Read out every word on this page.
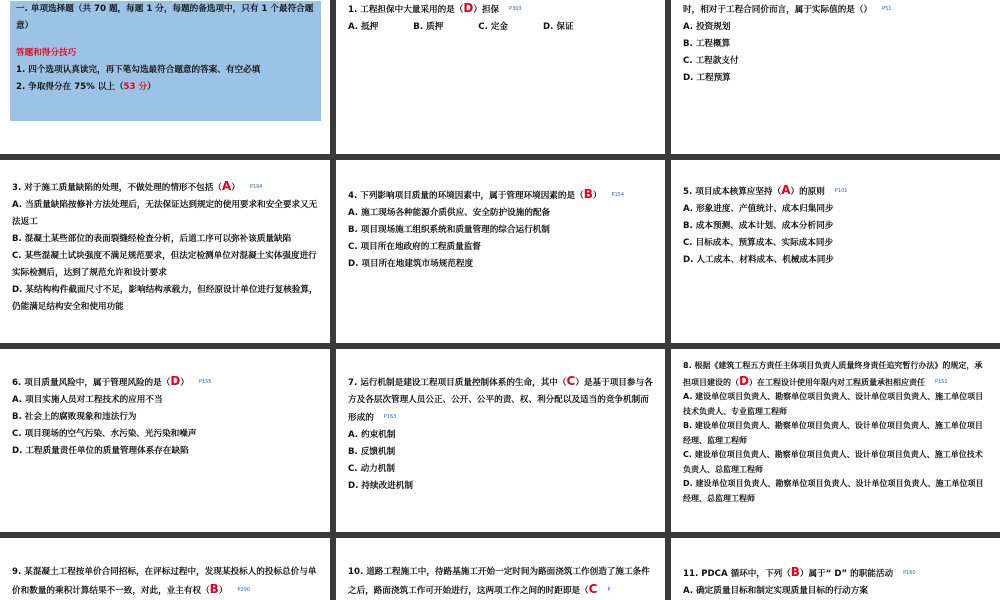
一. 单项选择题（共 70 题，每题 1 分，每题的备选项中，只有 1 个最符合题意）
答题和得分技巧
1. 四个选项认真读完，再下笔勾选最符合题意的答案、有空必填
2. 争取得分在 75% 以上（53 分）
1. 工程担保中大量采用的是（D）担保 P303
A. 抵押	B. 质押	C. 定金	D. 保证
时，相对于工程合同价而言，属于实际值的是（） P51
A. 投资规划
B. 工程概算
C. 工程款支付
D. 工程预算
3. 对于施工质量缺陷的处理，不做处理的情形不包括（A） P194
A. 当质量缺陷按修补方法处理后，无法保证达到规定的使用要求和安全要求又无法返工
B. 混凝土某些部位的表面裂缝经检查分析，后道工序可以弥补该质量缺陷
C. 某些混凝土试块强度不满足规范要求，但法定检测单位对混凝土实体强度进行实际检测后，达到了规范允许和设计要求
D. 某结构构件截面尺寸不足，影响结构承载力，但经原设计单位进行复核验算，仍能满足结构安全和使用功能
4. 下列影响项目质量的环境因素中，属于管理环境因素的是（B） P154
A. 施工现场各种能源介质供应、安全防护设施的配备
B. 项目现场施工组织系统和质量管理的综合运行机制
C. 项目所在地政府的工程质量监督
D. 项目所在地建筑市场规范程度
5. 项目成本核算应坚持（A）的原则 P101
A. 形象进度、产值统计、成本归集同步
B. 成本预测、成本计划、成本分析同步
C. 目标成本、预算成本、实际成本同步
D. 人工成本、材料成本、机械成本同步
6. 项目质量风险中，属于管理风险的是（D） P155
A. 项目实施人员对工程技术的应用不当
B. 社会上的腐败现象和违法行为
C. 项目现场的空气污染、水污染、光污染和噪声
D. 工程质量责任单位的质量管理体系存在缺陷
7. 运行机制是建设工程项目质量控制体系的生命，其中（C）是基于项目参与各方及各层次管理人员公正、公开、公平的责、权、利分配以及适当的竞争机制而形成的 P163
A. 约束机制
B. 反馈机制
C. 动力机制
D. 持续改进机制
8. 根据《建筑工程五方责任主体项目负责人质量终身责任追究暂行办法》的规定，承担项目建设的（D）在工程设计使用年限内对工程质量承担相应责任 P151
A. 建设单位项目负责人、勘察单位项目负责人、设计单位项目负责人、施工单位项目技术负责人、专业监理工程师
B. 建设单位项目负责人、勘察单位项目负责人、设计单位项目负责人、施工单位项目经理、监理工程师
C. 建设单位项目负责人、勘察单位项目负责人、设计单位项目负责人、施工单位技术负责人、总监理工程师
D. 建设单位项目负责人、勘察单位项目负责人、设计单位项目负责人、施工单位项目经理、总监理工程师
9. 某混凝土工程按单价合同招标，在评标过程中，发现某投标人的投标总价与单价和数量的乘积计算结果不一致，对此，业主有权（B） P290
10. 道路工程施工中，待路基施工开始一定时间为路面浇筑工作创造了施工条件之后，路面浇筑工作可开始进行，这两项工作之间的时距即是（C P
11. PDCA 循环中，下列（B）属于“ D” 的职能活动 P160
A. 确定质量目标和制定实现质量目标的行动方案
